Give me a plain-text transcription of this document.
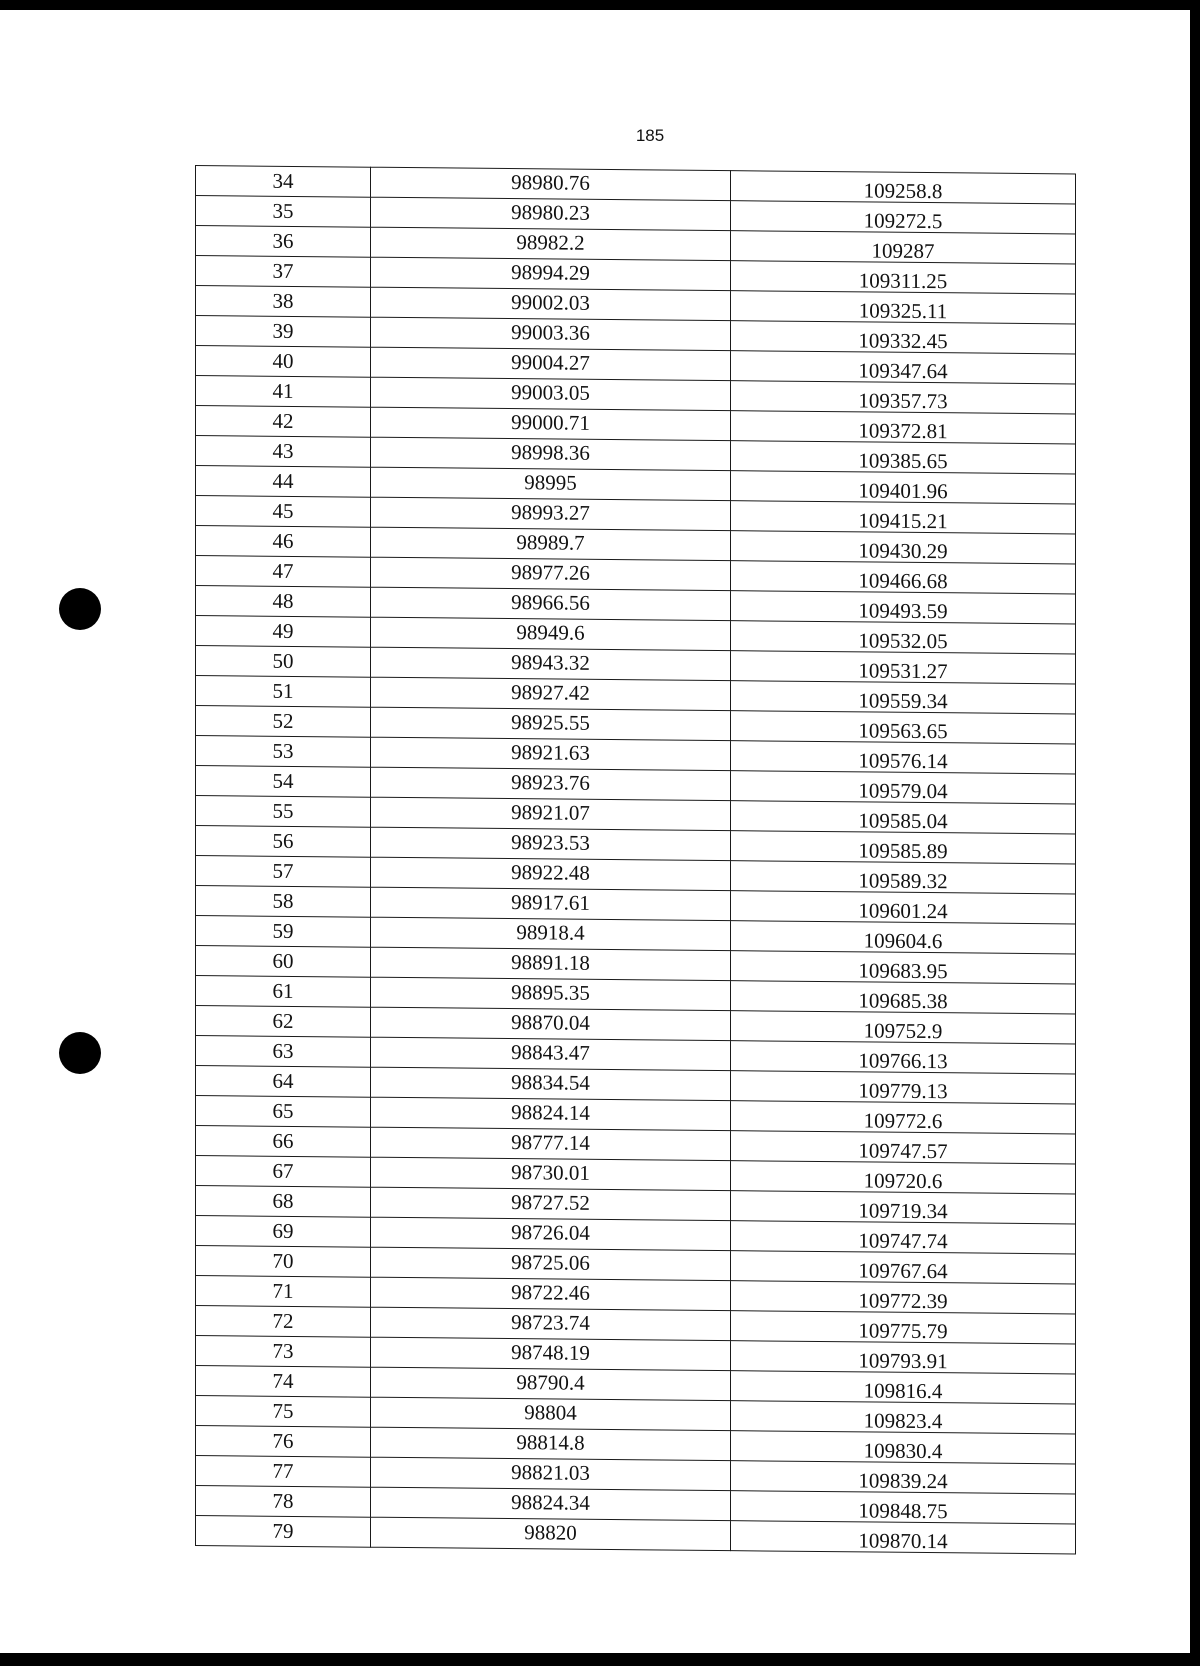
185
34	98980.76	109258.8
35	98980.23	109272.5
36	98982.2	109287
37	98994.29	109311.25
38	99002.03	109325.11
39	99003.36	109332.45
40	99004.27	109347.64
41	99003.05	109357.73
42	99000.71	109372.81
43	98998.36	109385.65
44	98995	109401.96
45	98993.27	109415.21
46	98989.7	109430.29
47	98977.26	109466.68
48	98966.56	109493.59
49	98949.6	109532.05
50	98943.32	109531.27
51	98927.42	109559.34
52	98925.55	109563.65
53	98921.63	109576.14
54	98923.76	109579.04
55	98921.07	109585.04
56	98923.53	109585.89
57	98922.48	109589.32
58	98917.61	109601.24
59	98918.4	109604.6
60	98891.18	109683.95
61	98895.35	109685.38
62	98870.04	109752.9
63	98843.47	109766.13
64	98834.54	109779.13
65	98824.14	109772.6
66	98777.14	109747.57
67	98730.01	109720.6
68	98727.52	109719.34
69	98726.04	109747.74
70	98725.06	109767.64
71	98722.46	109772.39
72	98723.74	109775.79
73	98748.19	109793.91
74	98790.4	109816.4
75	98804	109823.4
76	98814.8	109830.4
77	98821.03	109839.24
78	98824.34	109848.75
79	98820	109870.14
